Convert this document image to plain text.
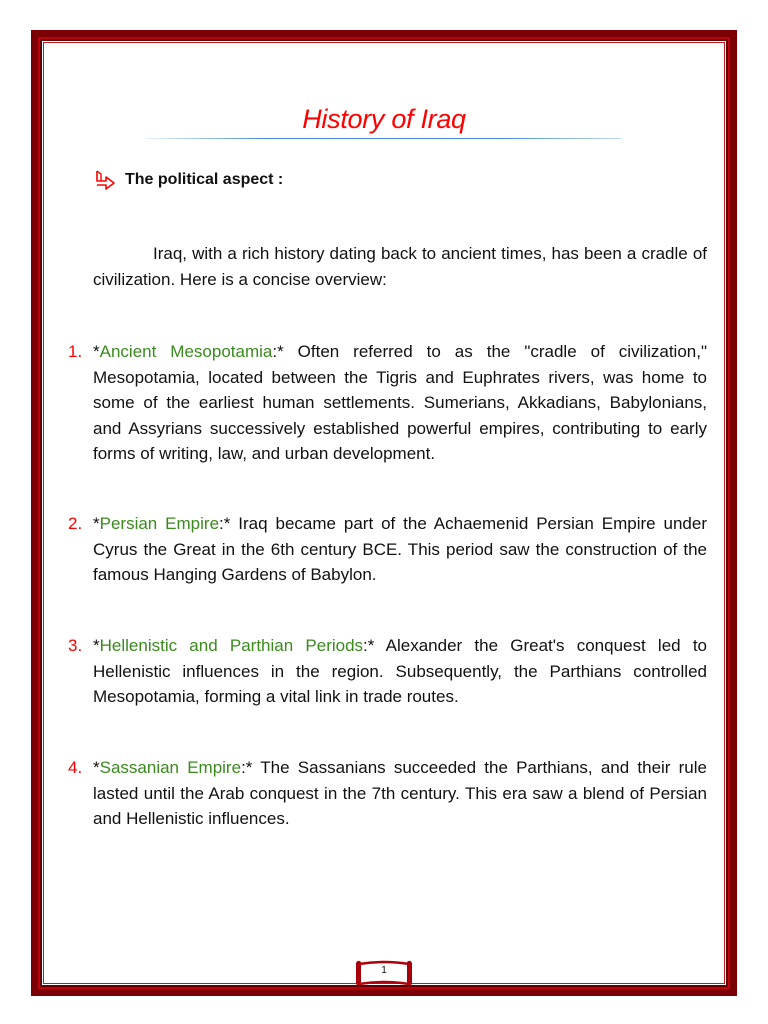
History of Iraq
The political aspect :
Iraq, with a rich history dating back to ancient times, has been a cradle of civilization. Here is a concise overview:
1. *Ancient Mesopotamia:* Often referred to as the "cradle of civilization," Mesopotamia, located between the Tigris and Euphrates rivers, was home to some of the earliest human settlements. Sumerians, Akkadians, Babylonians, and Assyrians successively established powerful empires, contributing to early forms of writing, law, and urban development.
2. *Persian Empire:* Iraq became part of the Achaemenid Persian Empire under Cyrus the Great in the 6th century BCE. This period saw the construction of the famous Hanging Gardens of Babylon.
3. *Hellenistic and Parthian Periods:* Alexander the Great's conquest led to Hellenistic influences in the region. Subsequently, the Parthians controlled Mesopotamia, forming a vital link in trade routes.
4. *Sassanian Empire:* The Sassanians succeeded the Parthians, and their rule lasted until the Arab conquest in the 7th century. This era saw a blend of Persian and Hellenistic influences.
1
